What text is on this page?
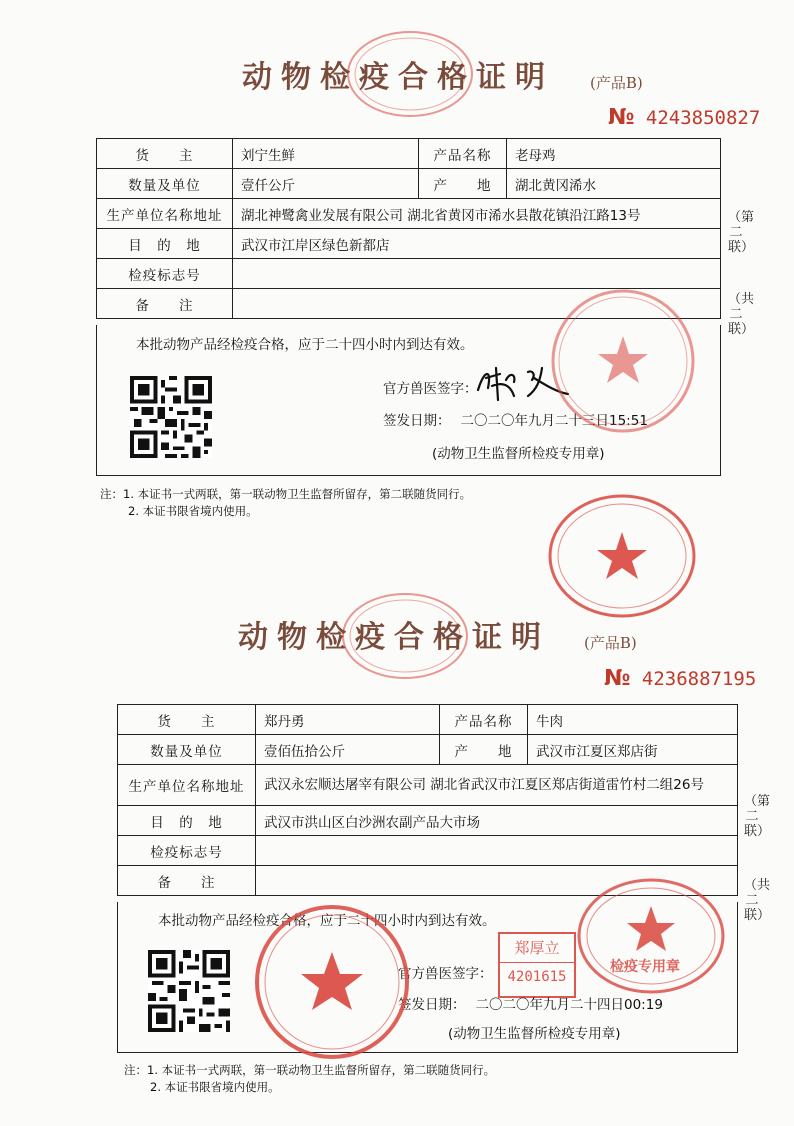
动物检疫合格证明 (产品B)
№ 4243850827
货　　主	刘宁生鲜	产品名称	老母鸡
数量及单位	壹仟公斤	产　　地	湖北黄冈浠水
生产单位名称地址	湖北神鹭禽业发展有限公司 湖北省黄冈市浠水县散花镇沿江路13号		
目　的　地	武汉市江岸区绿色新都店		
检疫标志号			
备　　注			
本批动物产品经检疫合格，应于二十四小时内到达有效。
官方兽医签字：
签发日期： 二〇二〇年九月二十三日15:51
(动物卫生监督所检疫专用章)
（第二联）
（共二联）
注：1. 本证书一式两联，第一联动物卫生监督所留存，第二联随货同行。
2. 本证书限省境内使用。
动物检疫合格证明 (产品B)
№ 4236887195
货　　主	郑丹勇	产品名称	牛肉
数量及单位	壹佰伍拾公斤	产　　地	武汉市江夏区郑店街
生产单位名称地址	武汉永宏顺达屠宰有限公司 湖北省武汉市江夏区郑店街道雷竹村二组26号		
目　的　地	武汉市洪山区白沙洲农副产品大市场		
检疫标志号			
备　　注			
本批动物产品经检疫合格，应于二十四小时内到达有效。
官方兽医签字：
郑厚立
4201615
签发日期： 二〇二〇年九月二十四日00:19
(动物卫生监督所检疫专用章)
检疫专用章
（第二联）
（共二联）
注：1. 本证书一式两联，第一联动物卫生监督所留存，第二联随货同行。
2. 本证书限省境内使用。
